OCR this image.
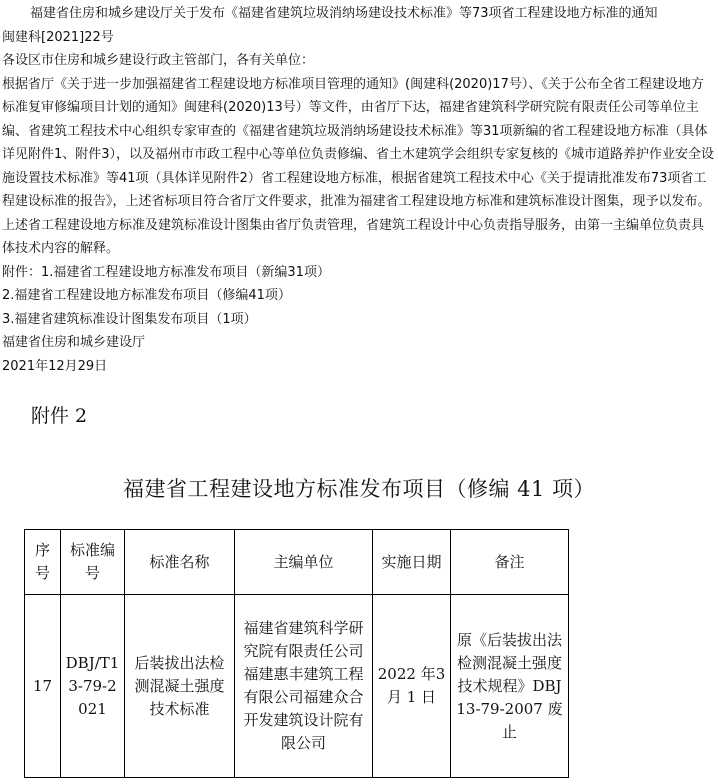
福建省住房和城乡建设厅关于发布《福建省建筑垃圾消纳场建设技术标准》等73项省工程建设地方标准的通知

闽建科[2021]22号

各设区市住房和城乡建设行政主管部门，各有关单位：

根据省厅《关于进一步加强福建省工程建设地方标准项目管理的通知》(闽建科(2020)17号）、《关于公布全省工程建设地方标准复审修编项目计划的通知》闽建科(2020)13号）等文件，由省厅下达，福建省建筑科学研究院有限责任公司等单位主编、省建筑工程技术中心组织专家审查的《福建省建筑垃圾消纳场建设技术标准》等31项新编的省工程建设地方标准（具体详见附件1、附件3），以及福州市市政工程中心等单位负责修编、省土木建筑学会组织专家复核的《城市道路养护作业安全设施设置技术标准》等41项（具体详见附件2）省工程建设地方标准，根据省建筑工程技术中心《关于提请批准发布73项省工程建设标准的报告》，上述省标项目符合省厅文件要求，批准为福建省工程建设地方标准和建筑标准设计图集，现予以发布。

上述省工程建设地方标准及建筑标准设计图集由省厅负责管理，省建筑工程设计中心负责指导服务，由第一主编单位负责具体技术内容的解释。

附件：1.福建省工程建设地方标准发布项目（新编31项）

2.福建省工程建设地方标准发布项目（修编41项）

3.福建省建筑标准设计图集发布项目（1项）

福建省住房和城乡建设厅

2021年12月29日

附件 2
福建省工程建设地方标准发布项目（修编 41 项）
序号	标准编号	标准名称	主编单位	实施日期	备注
17	DBJ/T13-79-2021	后装拔出法检测混凝土强度技术标准	福建省建筑科学研究院有限责任公司福建惠丰建筑工程有限公司福建众合开发建筑设计院有限公司	2022 年3 月 1 日	原《后装拔出法检测混凝土强度技术规程》DBJ13-79-2007 废止
